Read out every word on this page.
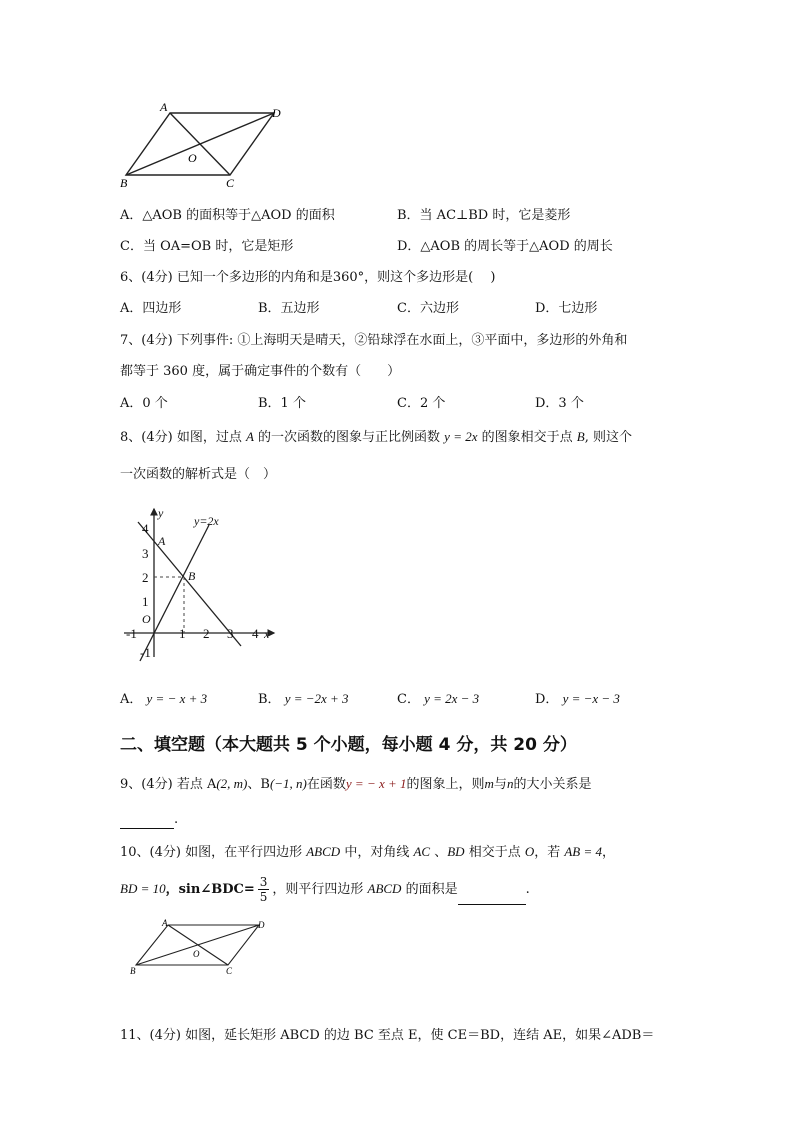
A	D
O
B	C
A．△AOB 的面积等于△AOD 的面积	B．当 AC⊥BD 时，它是菱形
C．当 OA=OB 时，它是矩形	D．△AOB 的周长等于△AOD 的周长
6、(4分) 已知一个多边形的内角和是360°，则这个多边形是(　 )
A．四边形	B．五边形	C．六边形	D．七边形
7、(4分) 下列事件: ①上海明天是晴天，②铅球浮在水面上，③平面中，多边形的外角和
都等于 360 度，属于确定事件的个数有（　　）
A．0 个	B．1 个	C．2 个	D．3 个
8、(4分) 如图，过点 A 的一次函数的图象与正比例函数 y = 2x 的图象相交于点 B, 则这个
一次函数的解析式是（　）
-1	1 2 3 4
4
3
2
1
-1
y=2x
y
x
O
A
B
A． y = − x + 3	B． y = −2x + 3	C． y = 2x − 3	D． y = −x − 3
二、填空题（本大题共 5 个小题，每小题 4 分，共 20 分）
9、(4分) 若点 A(2, m)、B(−1, n)在函数y = − x + 1的图象上，则m与n的大小关系是
.
10、(4分) 如图，在平行四边形 ABCD 中，对角线 AC 、BD 相交于点 O，若 AB = 4，
BD = 10，sin∠BDC= $\frac{3}{5}$ ，则平行四边形 ABCD 的面积是	.
A	D
O
B	C
11、(4分) 如图，延长矩形 ABCD 的边 BC 至点 E，使 CE＝BD，连结 AE，如果∠ADB＝
